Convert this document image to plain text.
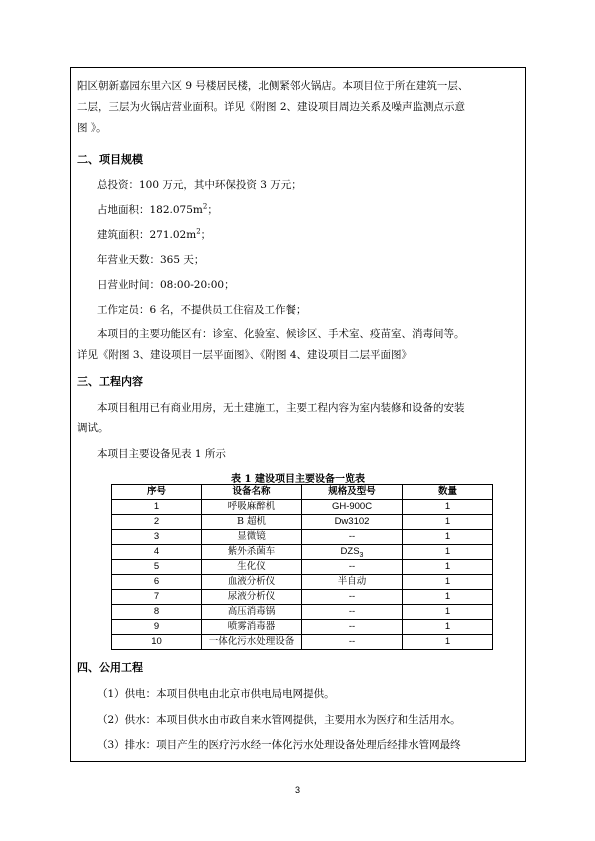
阳区朝新嘉园东里六区 9 号楼居民楼，北侧紧邻火锅店。本项目位于所在建筑一层、
二层，三层为火锅店营业面积。详见《附图 2、建设项目周边关系及噪声监测点示意
图 》。
二、项目规模
总投资：100 万元，其中环保投资 3 万元；
占地面积：$182.075m^2$；
建筑面积：$271.02m^2$；
年营业天数：365 天；
日营业时间：08:00-20:00；
工作定员：6 名，不提供员工住宿及工作餐；
本项目的主要功能区有：诊室、化验室、候诊区、手术室、疫苗室、消毒间等。
详见《附图 3、建设项目一层平面图》、《附图 4、建设项目二层平面图》
三、工程内容
本项目租用已有商业用房，无土建施工，主要工程内容为室内装修和设备的安装
调试。
本项目主要设备见表 1 所示
表 1 建设项目主要设备一览表
序号	设备名称	规格及型号	数量
1	呼吸麻醉机	GH-900C	1
2	B 超机	Dw3102	1
3	显微镜	--	1
4	紫外杀菌车	$DZS_3$	1
5	生化仪	--	1
6	血液分析仪	半自动	1
7	尿液分析仪	--	1
8	高压消毒锅	--	1
9	喷雾消毒器	--	1
10	一体化污水处理设备	--	1
四、公用工程
（1）供电：本项目供电由北京市供电局电网提供。
（2）供水：本项目供水由市政自来水管网提供，主要用水为医疗和生活用水。
（3）排水：项目产生的医疗污水经一体化污水处理设备处理后经排水管网最终
3
